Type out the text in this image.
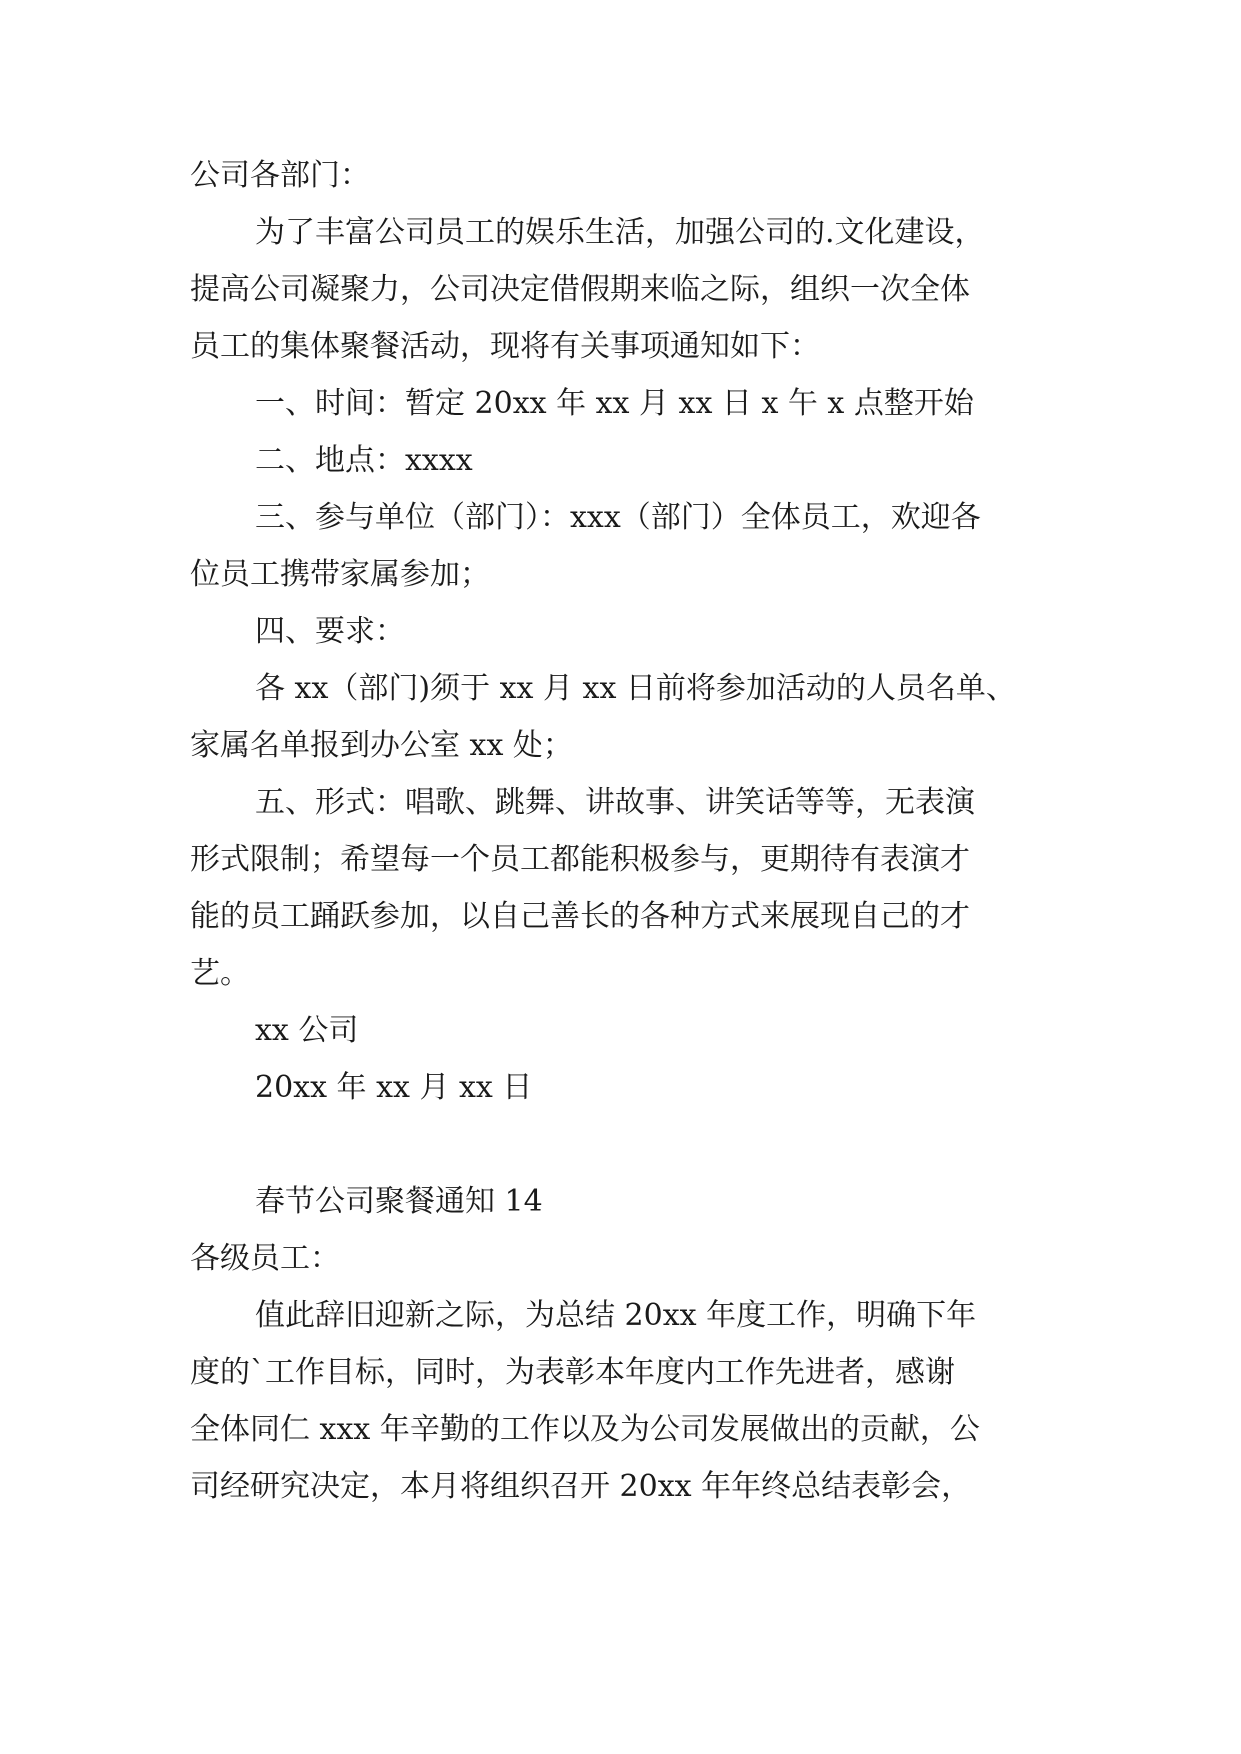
公司各部门：

为了丰富公司员工的娱乐生活，加强公司的.文化建设，

提高公司凝聚力，公司决定借假期来临之际，组织一次全体

员工的集体聚餐活动，现将有关事项通知如下：

一、时间：暂定 20xx 年 xx 月 xx 日 x 午 x 点整开始

二、地点：xxxx

三、参与单位（部门）：xxx（部门）全体员工，欢迎各

位员工携带家属参加；

四、要求：

各 xx（部门)须于 xx 月 xx 日前将参加活动的人员名单、

家属名单报到办公室 xx 处；

五、形式：唱歌、跳舞、讲故事、讲笑话等等，无表演

形式限制；希望每一个员工都能积极参与，更期待有表演才

能的员工踊跃参加，以自己善长的各种方式来展现自己的才

艺。

xx 公司

20xx 年 xx 月 xx 日

春节公司聚餐通知 14

各级员工：

值此辞旧迎新之际，为总结 20xx 年度工作，明确下年

度的`工作目标，同时，为表彰本年度内工作先进者，感谢

全体同仁 xxx 年辛勤的工作以及为公司发展做出的贡献，公

司经研究决定，本月将组织召开 20xx 年年终总结表彰会，
